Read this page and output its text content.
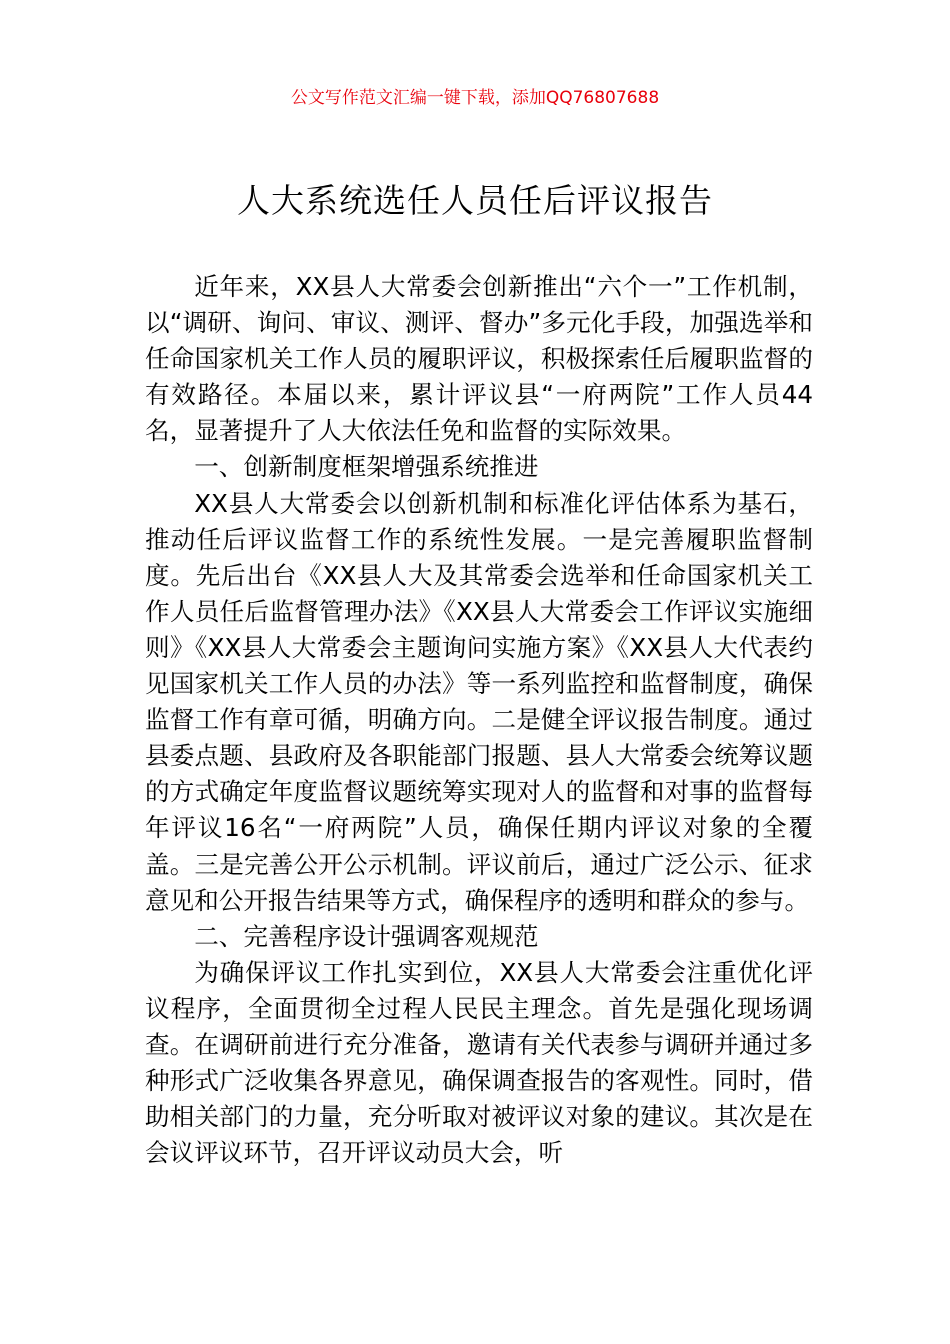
公文写作范文汇编一键下载，添加QQ76807688
人大系统选任人员任后评议报告

近年来，XX县人大常委会创新推出“六个一”工作机制，以“调研、询问、审议、测评、督办”多元化手段，加强选举和任命国家机关工作人员的履职评议，积极探索任后履职监督的有效路径。本届以来，累计评议县“一府两院”工作人员44名，显著提升了人大依法任免和监督的实际效果。

一、创新制度框架增强系统推进

XX县人大常委会以创新机制和标准化评估体系为基石，推动任后评议监督工作的系统性发展。一是完善履职监督制度。先后出台《XX县人大及其常委会选举和任命国家机关工作人员任后监督管理办法》《XX县人大常委会工作评议实施细则》《XX县人大常委会主题询问实施方案》《XX县人大代表约见国家机关工作人员的办法》等一系列监控和监督制度，确保监督工作有章可循，明确方向。二是健全评议报告制度。通过县委点题、县政府及各职能部门报题、县人大常委会统筹议题的方式确定年度监督议题统筹实现对人的监督和对事的监督每年评议16名“一府两院”人员，确保任期内评议对象的全覆盖。三是完善公开公示机制。评议前后，通过广泛公示、征求意见和公开报告结果等方式，确保程序的透明和群众的参与。

二、完善程序设计强调客观规范

为确保评议工作扎实到位，XX县人大常委会注重优化评议程序，全面贯彻全过程人民民主理念。首先是强化现场调查。在调研前进行充分准备，邀请有关代表参与调研并通过多种形式广泛收集各界意见，确保调查报告的客观性。同时，借助相关部门的力量，充分听取对被评议对象的建议。其次是在会议评议环节，召开评议动员大会，听
